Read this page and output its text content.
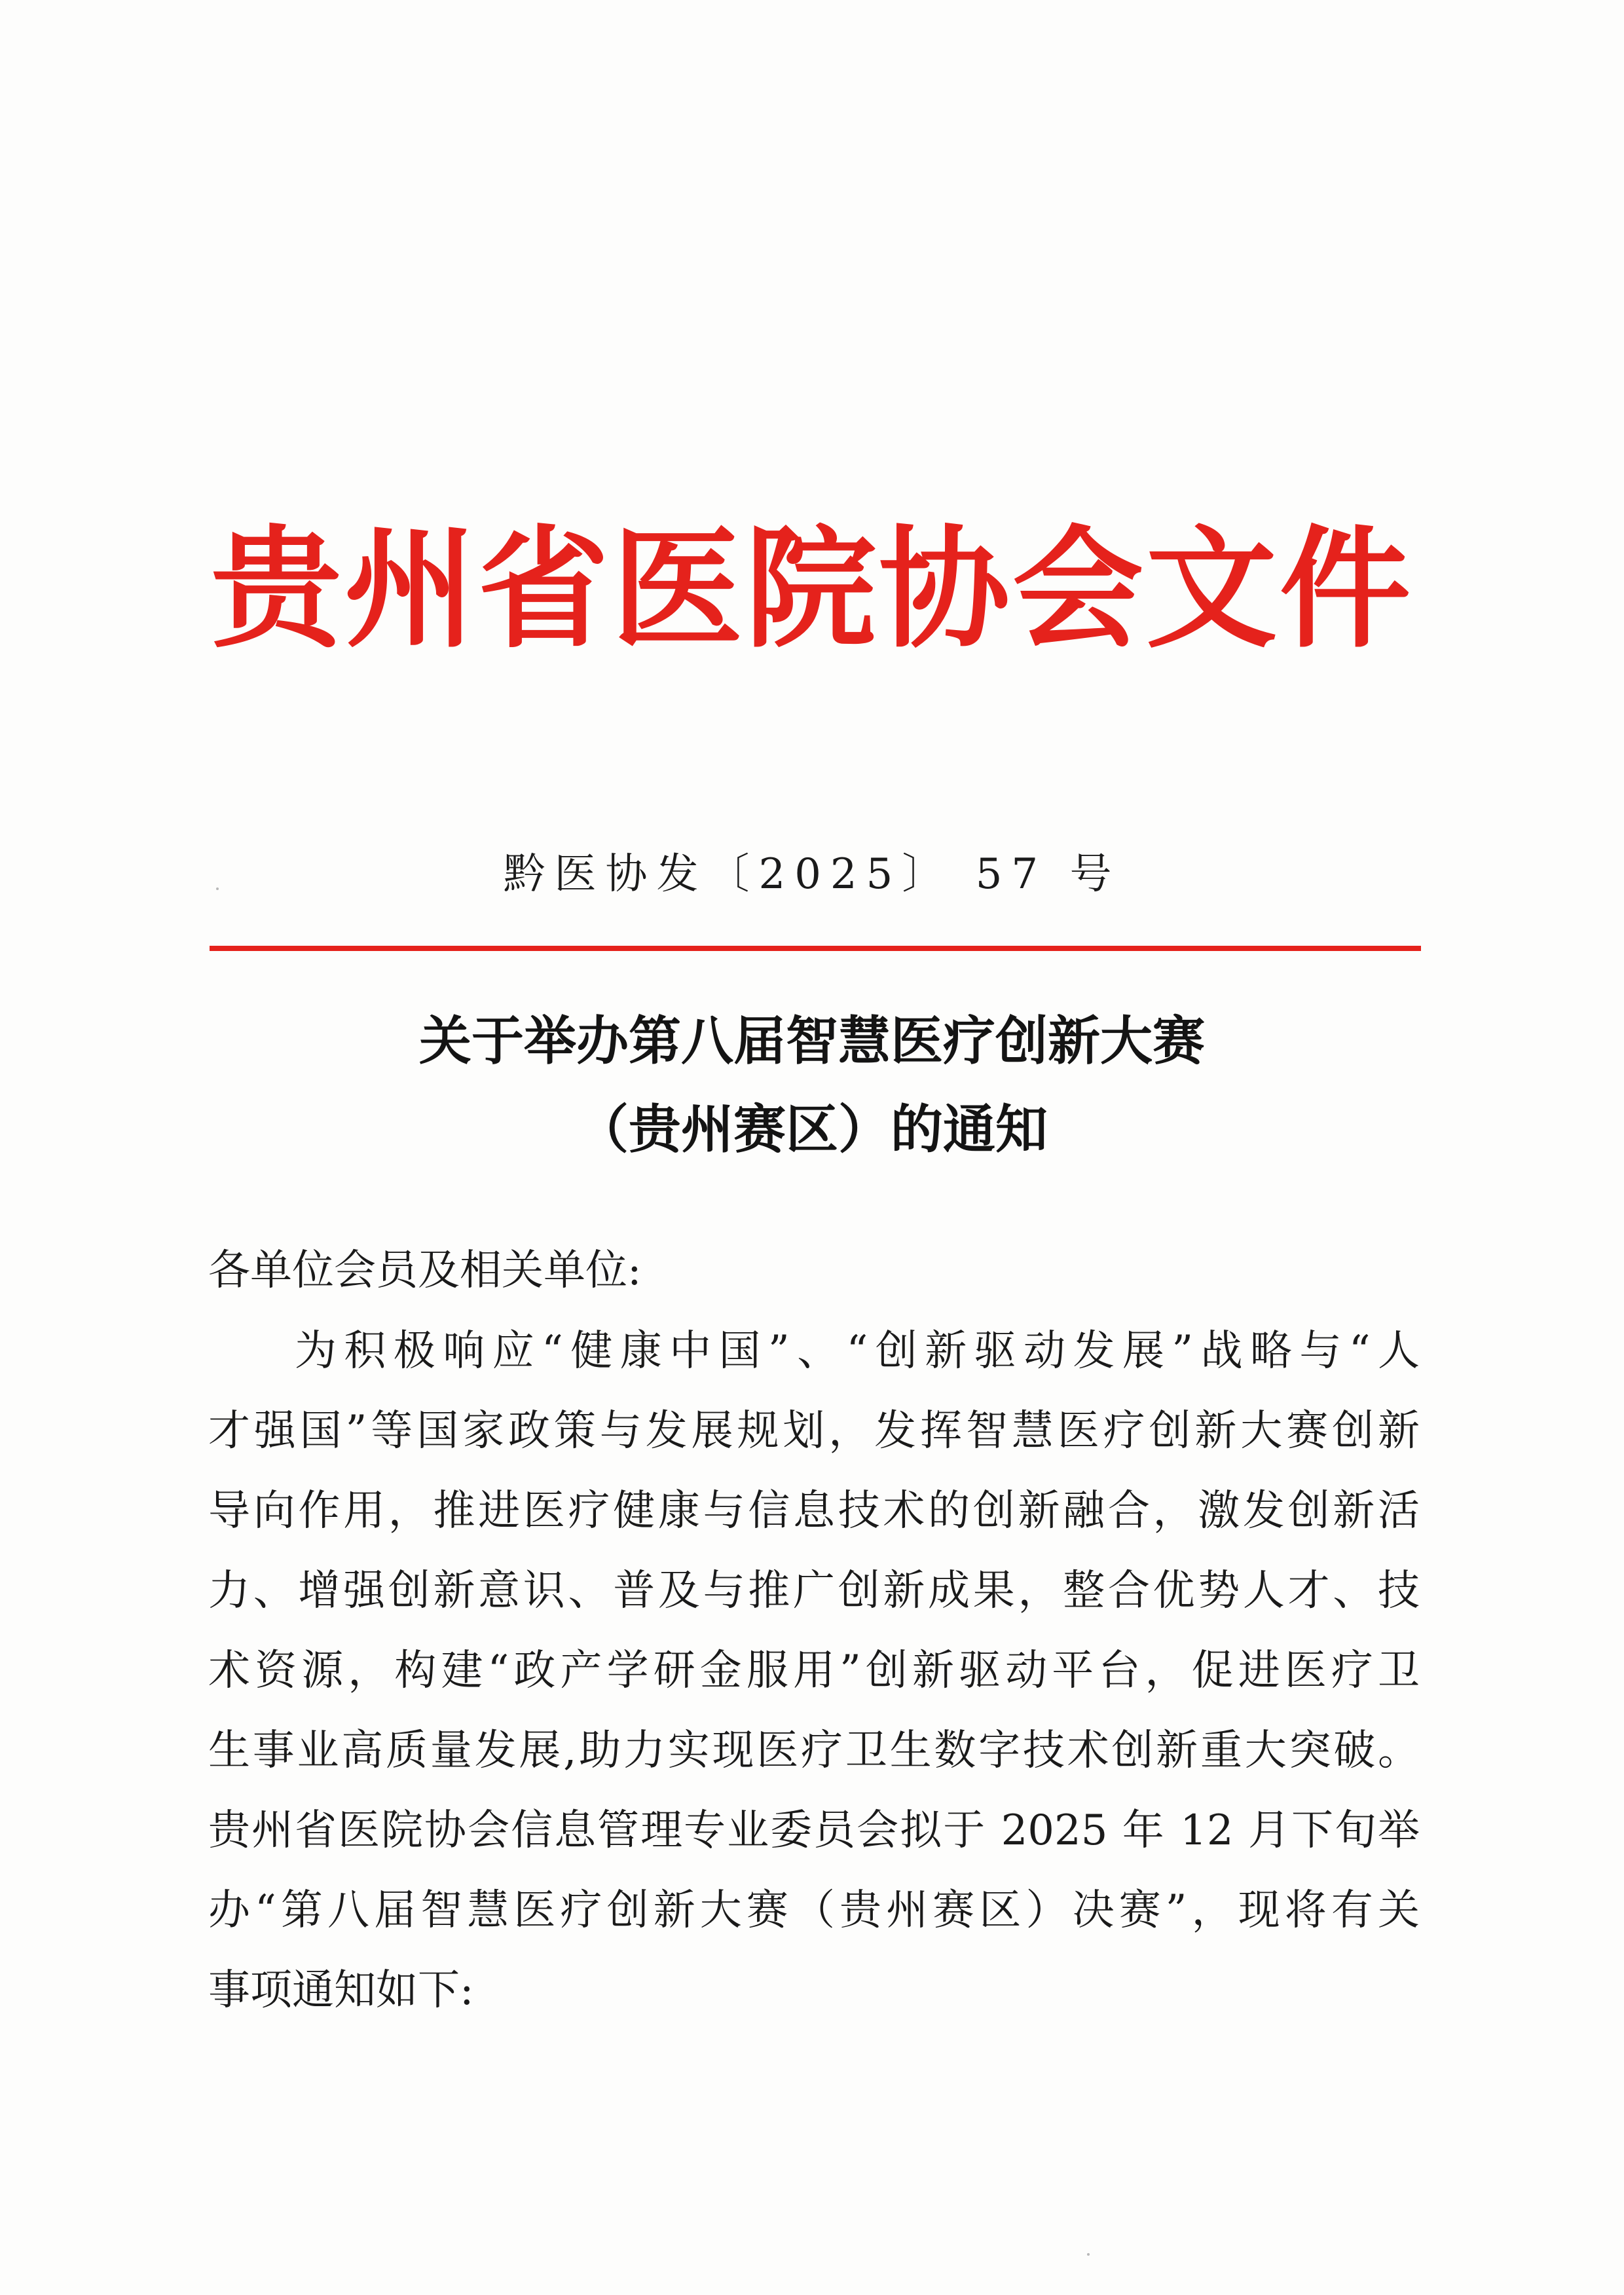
贵州省医院协会文件
黔医协发〔2025〕 57 号
关于举办第八届智慧医疗创新大赛
（贵州赛区）的通知
各单位会员及相关单位:
为积极响应“健康中国”、“创新驱动发展”战略与“人
才强国”等国家政策与发展规划，发挥智慧医疗创新大赛创新
导向作用，推进医疗健康与信息技术的创新融合，激发创新活
力、增强创新意识、普及与推广创新成果，整合优势人才、技
术资源，构建“政产学研金服用”创新驱动平台，促进医疗卫
生事业高质量发展,助力实现医疗卫生数字技术创新重大突破。
贵州省医院协会信息管理专业委员会拟于 2025 年 12 月下旬举
办“第八届智慧医疗创新大赛（贵州赛区）决赛”，现将有关
事项通知如下:
